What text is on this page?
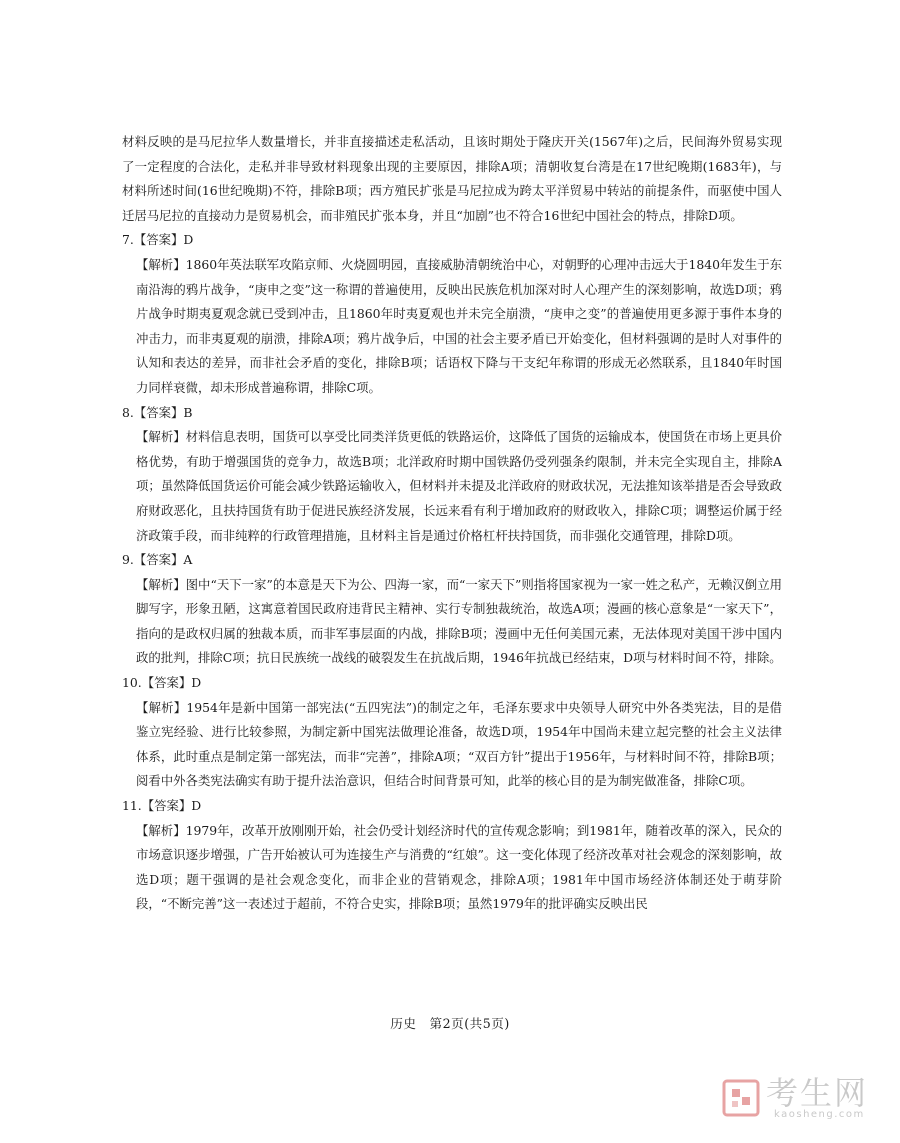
材料反映的是马尼拉华人数量增长，并非直接描述走私活动，且该时期处于隆庆开关(1567年)之后，民间海外贸易实现了一定程度的合法化，走私并非导致材料现象出现的主要原因，排除A项；清朝收复台湾是在17世纪晚期(1683年)，与材料所述时间(16世纪晚期)不符，排除B项；西方殖民扩张是马尼拉成为跨太平洋贸易中转站的前提条件，而驱使中国人迁居马尼拉的直接动力是贸易机会，而非殖民扩张本身，并且“加剧”也不符合16世纪中国社会的特点，排除D项。

7.【答案】D

【解析】1860年英法联军攻陷京师、火烧圆明园，直接威胁清朝统治中心，对朝野的心理冲击远大于1840年发生于东南沿海的鸦片战争，“庚申之变”这一称谓的普遍使用，反映出民族危机加深对时人心理产生的深刻影响，故选D项；鸦片战争时期夷夏观念就已受到冲击，且1860年时夷夏观也并未完全崩溃，“庚申之变”的普遍使用更多源于事件本身的冲击力，而非夷夏观的崩溃，排除A项；鸦片战争后，中国的社会主要矛盾已开始变化，但材料强调的是时人对事件的认知和表达的差异，而非社会矛盾的变化，排除B项；话语权下降与干支纪年称谓的形成无必然联系，且1840年时国力同样衰微，却未形成普遍称谓，排除C项。

8.【答案】B

【解析】材料信息表明，国货可以享受比同类洋货更低的铁路运价，这降低了国货的运输成本，使国货在市场上更具价格优势，有助于增强国货的竞争力，故选B项；北洋政府时期中国铁路仍受列强条约限制，并未完全实现自主，排除A项；虽然降低国货运价可能会减少铁路运输收入，但材料并未提及北洋政府的财政状况，无法推知该举措是否会导致政府财政恶化，且扶持国货有助于促进民族经济发展，长远来看有利于增加政府的财政收入，排除C项；调整运价属于经济政策手段，而非纯粹的行政管理措施，且材料主旨是通过价格杠杆扶持国货，而非强化交通管理，排除D项。

9.【答案】A

【解析】图中“天下一家”的本意是天下为公、四海一家，而“一家天下”则指将国家视为一家一姓之私产，无赖汉倒立用脚写字，形象丑陋，这寓意着国民政府违背民主精神、实行专制独裁统治，故选A项；漫画的核心意象是“一家天下”，指向的是政权归属的独裁本质，而非军事层面的内战，排除B项；漫画中无任何美国元素，无法体现对美国干涉中国内政的批判，排除C项；抗日民族统一战线的破裂发生在抗战后期，1946年抗战已经结束，D项与材料时间不符，排除。

10.【答案】D

【解析】1954年是新中国第一部宪法(“五四宪法”)的制定之年，毛泽东要求中央领导人研究中外各类宪法，目的是借鉴立宪经验、进行比较参照，为制定新中国宪法做理论准备，故选D项，1954年中国尚未建立起完整的社会主义法律体系，此时重点是制定第一部宪法，而非“完善”，排除A项；“双百方针”提出于1956年，与材料时间不符，排除B项；阅看中外各类宪法确实有助于提升法治意识，但结合时间背景可知，此举的核心目的是为制宪做准备，排除C项。

11.【答案】D

【解析】1979年，改革开放刚刚开始，社会仍受计划经济时代的宣传观念影响；到1981年，随着改革的深入，民众的市场意识逐步增强，广告开始被认可为连接生产与消费的“红娘”。这一变化体现了经济改革对社会观念的深刻影响，故选D项；题干强调的是社会观念变化，而非企业的营销观念，排除A项；1981年中国市场经济体制还处于萌芽阶段，“不断完善”这一表述过于超前，不符合史实，排除B项；虽然1979年的批评确实反映出民

历史　第2页(共5页)
考生网
kaosheng.com
